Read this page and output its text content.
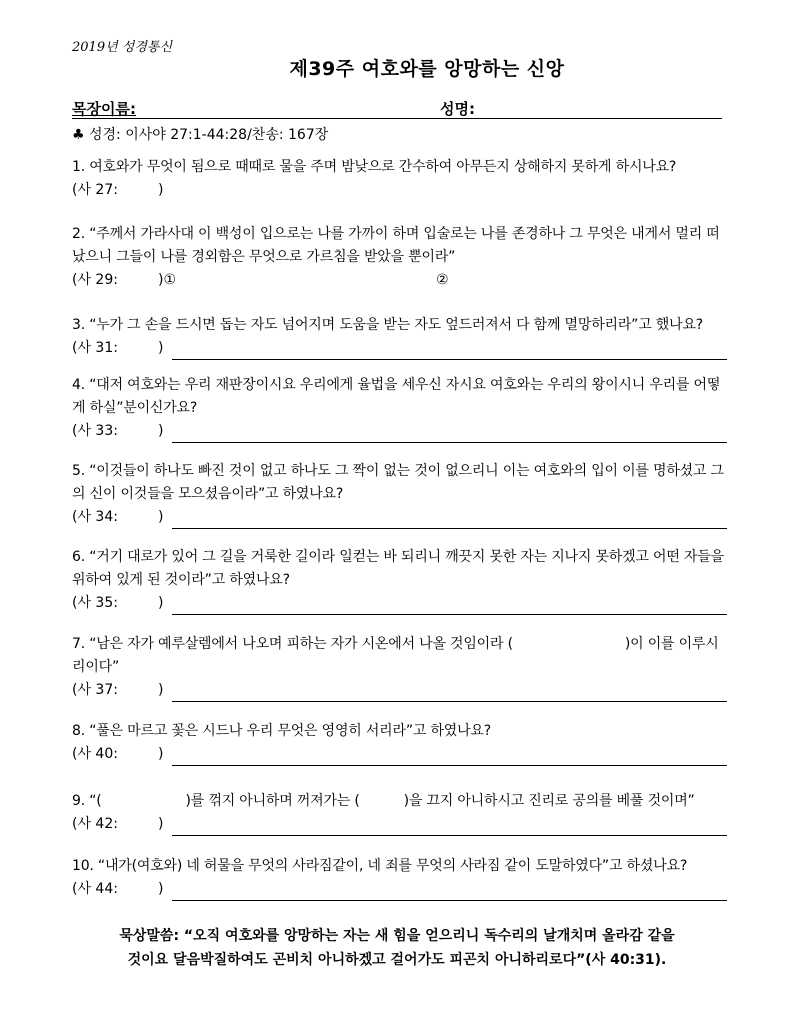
2019년 성경통신
제39주 여호와를 앙망하는 신앙
목장이름:	성명:
♣ 성경: 이사야 27:1-44:28/찬송: 167장
1. 여호와가 무엇이 됨으로 때때로 물을 주며 밤낮으로 간수하여 아무든지 상해하지 못하게 하시나요?
(사 27:	)
2. “주께서 가라사대 이 백성이 입으로는 나를 가까이 하며 입술로는 나를 존경하나 그 무엇은 내게서 멀리 떠났으니 그들이 나를 경외함은 무엇으로 가르침을 받았을 뿐이라”
(사 29:	)①	②
3. “누가 그 손을 드시면 돕는 자도 넘어지며 도움을 받는 자도 엎드러져서 다 함께 멸망하리라”고 했나요?
(사 31:	)
4. “대저 여호와는 우리 재판장이시요 우리에게 율법을 세우신 자시요 여호와는 우리의 왕이시니 우리를 어떻게 하실”분이신가요?
(사 33:	)
5. “이것들이 하나도 빠진 것이 없고 하나도 그 짝이 없는 것이 없으리니 이는 여호와의 입이 이를 명하셨고 그의 신이 이것들을 모으셨음이라”고 하였나요?
(사 34:	)
6. “거기 대로가 있어 그 길을 거룩한 길이라 일컫는 바 되리니 깨끗지 못한 자는 지나지 못하겠고 어떤 자들을 위하여 있게 된 것이라”고 하였나요?
(사 35:	)
7. “남은 자가 예루살렘에서 나오며 피하는 자가 시온에서 나올 것임이라 (	)이 이를 이루시리이다”
(사 37:	)
8. “풀은 마르고 꽃은 시드나 우리 무엇은 영영히 서리라”고 하였나요?
(사 40:	)
9. “(	)를 꺾지 아니하며 꺼져가는 (	)을 끄지 아니하시고 진리로 공의를 베풀 것이며”
(사 42:	)
10. “내가(여호와) 네 허물을 무엇의 사라짐같이, 네 죄를 무엇의 사라짐 같이 도말하였다”고 하셨나요?
(사 44:	)
묵상말씀: “오직 여호와를 앙망하는 자는 새 힘을 얻으리니 독수리의 날개치며 올라감 같을
것이요 달음박질하여도 곤비치 아니하겠고 걸어가도 피곤치 아니하리로다”(사 40:31).
